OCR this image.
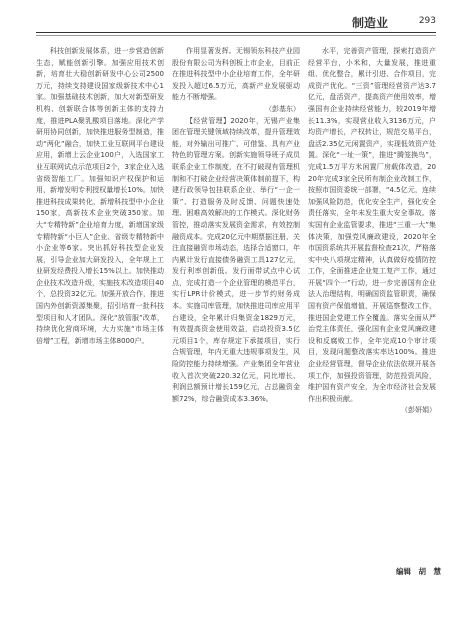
制造业	293

科技创新发展体系，进一步营造创新生态，赋能创新引擎。加强应用技术创新，培育壮大稳创新研发中心公司2500万元，持续支持建设国家级新技术中心1家。加强基础技术创新，加大对新型研发机构、创新联合体等创新主体的支持力度，推进PLA聚乳酸项目落地。深化产学研用协同创新，加快推进服务型制造，推动“两化”融合，加快工业互联网平台建设应用，新增上云企业100户，入选国家工业互联网试点示范项目2个，3家企业入选省级智能工厂。加强知识产权保护和运用，新增发明专利授权量增长10%。加快推进科技成果转化，新增科技型中小企业150家，高新技术企业突破350家。加大“专精特新”企业培育力度，新增国家级专精特新“小巨人”企业、省级专精特新中小企业等6家。突出抓好科技型企业发展，引导企业加大研发投入，全年规上工业研发经费投入增长15%以上。加快推动企业技术改造升级，实施技术改造项目40个，总投资32亿元。加强开放合作，推进国内外创新资源集聚，招引培育一批科技型项目和人才团队。深化“放管服”改革，持续优化营商环境，大力实施“市场主体倍增”工程，新增市场主体8000户。

作用显著发挥。无锡领东科技产业园股份有限公司为科创板上市企业，目前正在推进科技型中小企业培育工作，全年研发投入超过6.5万元，高新产业发展驱动能力不断增强。

（彭基东）

【经营管理】2020年，无锡产业集团在管理关键领域持续改革，提升管理效能，对外输出可推广、可借鉴、具有产业特色的管理方案。创新实施领导班子成员联系企业工作制度，在不打破现有管理机制和不打破企业经营决策体制前提下，构建行政领导包挂联系企业、举行“一企一策”、打造服务及时反馈、问题快速处理、困难高效解决的工作模式。深化财务管控，推动落实发展资金需求，有效控制融资成本。完成20亿元中期票据注册、关注直接融资市场动态，选择合适窗口，年内累计发行直接债务融资工具127亿元，发行利率创新低。发行面带试点中心试点，完成打造一个企业管理的模范平台，实行LPR计价模式，进一步节约财务成本。实施司库管理，加快推进司库应用平台建设，全年累计归集资金1829万元，有效提高资金使用效益，启动投资3.5亿元项目1个，库存规定下承接项目，实行合规管理，年内无重大违规事项发生，风险防控能力持续增强。产业集团全年营业收入首次突破220.32亿元，同比增长、利润总额预计增长159亿元，占总融资金额72%，综合融资成本3.36%。

水平，完善资产管理，探索打造资产经营平台，小米和，大量发展，推进重组、优化整合，累计引进、合作项目，完成资产优化。“三资”管理经营资产达3.7亿元，盘活资产，提高资产使用效率，增强国有企业持续经营能力，较2019年增长11.3%，实现营业收入3136万元，户均资产增长，产权转让，规范交易平台，盘活2.35亿元闲置资产，实现低效资产处置。深化“一址一策”，推进“腾笼换鸟”，完成1.5万平方米闲置厂房载体改造，2020年完成3家全民所有制企业改制工作，按照市国资委统一部署，“4.5亿元，连续加强风险防范，优化安全生产，强化安全责任落实，全年未发生重大安全事故。落实国有企业监管要求，推进“三重一大”集体决策，加强党风廉政建设，2020年全市国资系统共开展监督检查21次，严格落实中央八项规定精神，认真做好疫情防控工作，全面推进企业复工复产工作，通过开展“四个一”行动，进一步完善国有企业法人治理结构，明确国资监管职责，确保国有资产保值增值，开展巡察整改工作，推进国企党建工作全覆盖。落实全面从严治党主体责任，强化国有企业党风廉政建设和反腐败工作，全年完成10个审计项目，发现问题整改落实率达100%。推进企业经营管理，督导企业依法依规开展各项工作，加强投资管理，防范投资风险，维护国有资产安全，为全市经济社会发展作出积极贡献。

（彭妍娟）

编辑　胡　慧
